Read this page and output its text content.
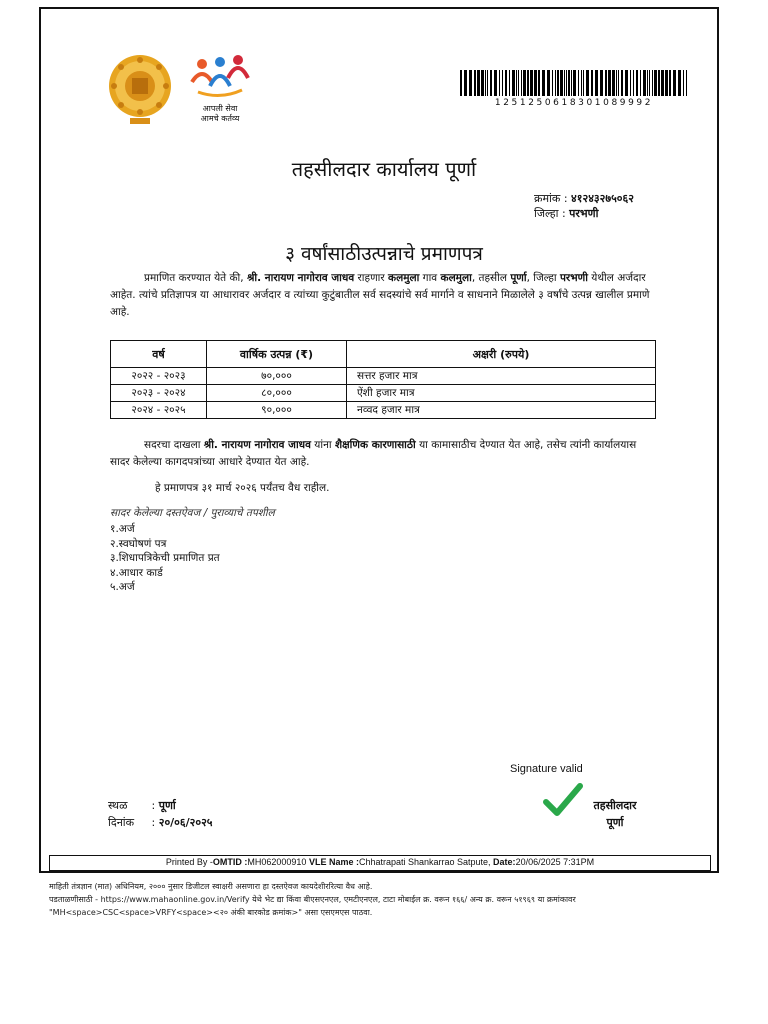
आपली सेवा
आमचे कर्तव्य
1251250618301089992
तहसीलदार कार्यालय पूर्णा
क्रमांक : ४१२४३२७५०६२
जिल्हा : परभणी
३ वर्षांसाठीउत्पन्नाचे प्रमाणपत्र
प्रमाणित करण्यात येते की, श्री. नारायण नागोराव जाधव राहणार कलमुला गाव कलमुला, तहसील पूर्णा, जिल्हा परभणी येथील अर्जदार आहेत. त्यांचे प्रतिज्ञापत्र या आधारावर अर्जदार व त्यांच्या कुटुंबातील सर्व सदस्यांचे सर्व मार्गाने व साधनाने मिळालेले ३ वर्षांचे उत्पन्न खालील प्रमाणे आहे.
वर्ष	वार्षिक उत्पन्न (₹)	अक्षरी (रुपये)
२०२२ - २०२३	७०,०००	सत्तर हजार मात्र
२०२३ - २०२४	८०,०००	ऐंशी हजार मात्र
२०२४ - २०२५	९०,०००	नव्वद हजार मात्र
सदरचा दाखला श्री. नारायण नागोराव जाधव यांना शैक्षणिक कारणासाठी या कामासाठीच देण्यात येत आहे, तसेच त्यांनी कार्यालयास सादर केलेल्या कागदपत्रांच्या आधारे देण्यात येत आहे.
हे प्रमाणपत्र ३१ मार्च २०२६ पर्यंतच वैध राहील.
सादर केलेल्या दस्तऐवज / पुराव्याचे तपशील
१.अर्ज
२.स्वघोषणं पत्र
३.शिधापत्रिकेची प्रमाणित प्रत
४.आधार कार्ड
५.अर्ज
Signature valid
स्थळ : पूर्णा
दिनांक : २०/०६/२०२५
तहसीलदार
पूर्णा
Printed By -OMTID :MH062000910 VLE Name :Chhatrapati Shankarrao Satpute, Date:20/06/2025 7:31PM
माहिती तंत्रज्ञान (मात) अधिनियम, २००० नुसार डिजीटल स्वाक्षरी असणारा हा दस्तऐवज कायदेशीररित्या वैध आहे.
पडताळणीसाठी - https://www.mahaonline.gov.in/Verify येथे भेट द्या किंवा बीएसएनएल, एमटीएनएल, टाटा मोबाईल क्र. वरून १६६/ अन्य क्र. वरून ५१९६९ या क्रमांकावर
"MH<space>CSC<space>VRFY<space><२० अंकी बारकोड क्रमांक>" असा एसएमएस पाठवा.
